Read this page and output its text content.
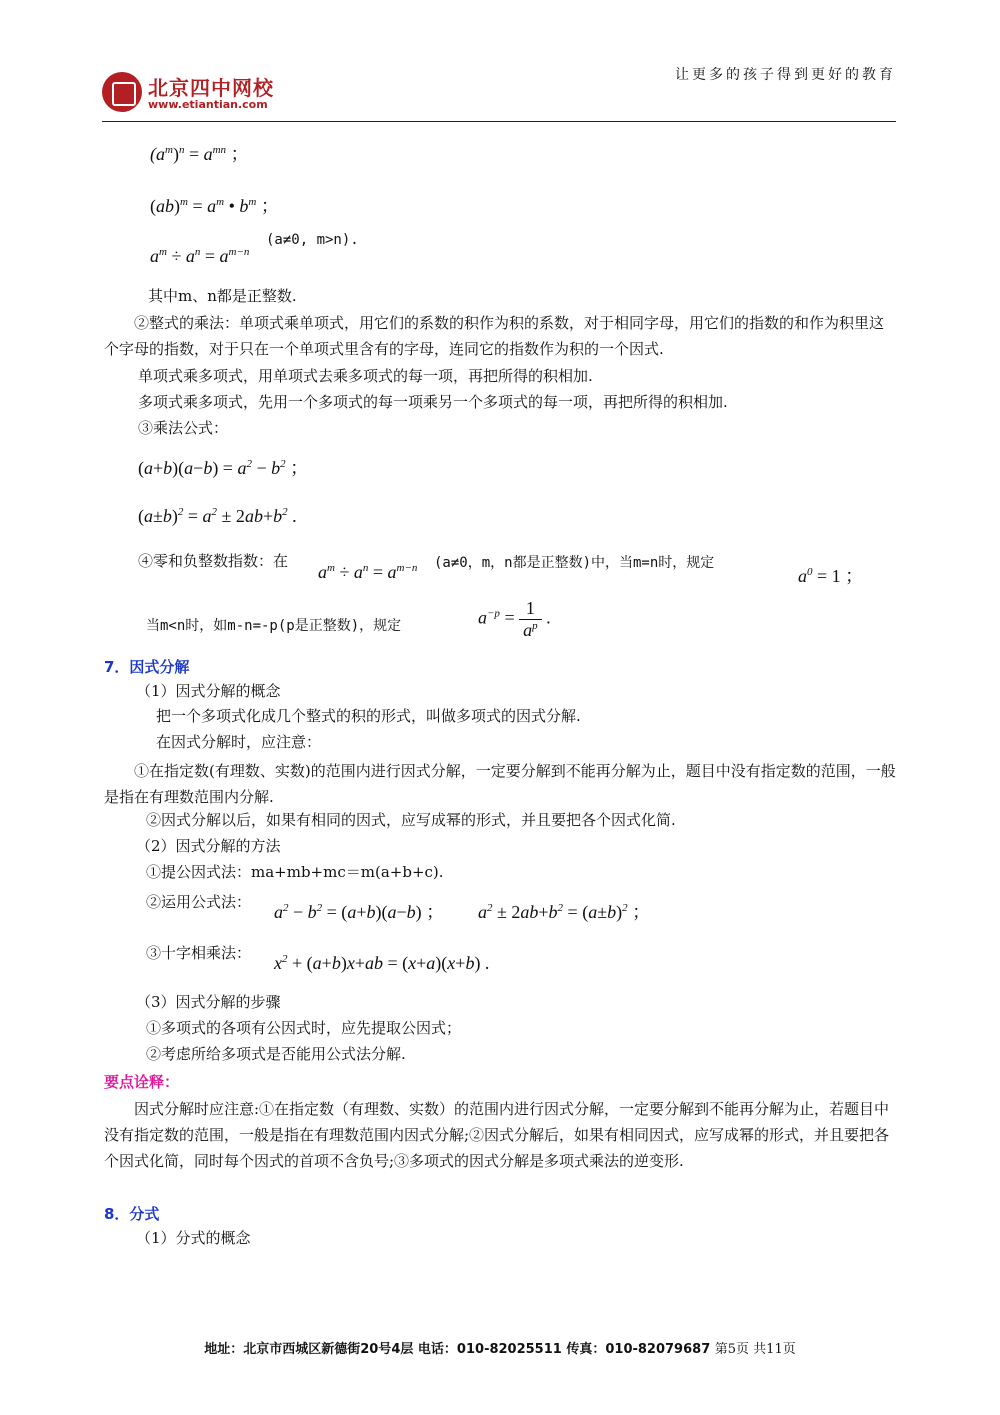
北京四中网校
www.etiantian.com
让更多的孩子得到更好的教育
$(a^m)^n = a^{mn}$ ；
$(ab)^m = a^m$ • $b^m$ ；
$a^m \div a^n = a^{m-n}$
(a≠0, m>n).
其中m、n都是正整数.
②整式的乘法：单项式乘单项式，用它们的系数的积作为积的系数，对于相同字母，用它们的指数的和作为积里这个字母的指数，对于只在一个单项式里含有的字母，连同它的指数作为积的一个因式.
单项式乘多项式，用单项式去乘多项式的每一项，再把所得的积相加.
多项式乘多项式，先用一个多项式的每一项乘另一个多项式的每一项，再把所得的积相加.
③乘法公式：
$(a+b)(a-b) = a^2 - b^2$ ；
$(a\pm b)^2 = a^2 \pm 2ab+b^2$ .
④零和负整数指数：在
$a^m \div a^n = a^{m-n}$ (a≠0，m，n都是正整数)中，当m=n时，规定
$a^0 = 1$ ；
当m<n时，如m-n=-p(p是正整数)，规定	$a^{-p} = \frac{1}{a^p}$ .
7．因式分解
（1）因式分解的概念
把一个多项式化成几个整式的积的形式，叫做多项式的因式分解.
在因式分解时，应注意：
①在指定数(有理数、实数)的范围内进行因式分解，一定要分解到不能再分解为止，题目中没有指定数的范围，一般是指在有理数范围内分解.
②因式分解以后，如果有相同的因式，应写成幂的形式，并且要把各个因式化简.
（2）因式分解的方法
①提公因式法：ma+mb+mc＝m(a+b+c).
②运用公式法： $a^2 - b^2 = (a+b)(a-b)$ ； $a^2 \pm 2ab+b^2 = (a\pm b)^2$ ；
③十字相乘法： $x^2 + (a+b)x+ab = (x+a)(x+b)$ .
（3）因式分解的步骤
①多项式的各项有公因式时，应先提取公因式；
②考虑所给多项式是否能用公式法分解.
要点诠释：
因式分解时应注意:①在指定数（有理数、实数）的范围内进行因式分解，一定要分解到不能再分解为止，若题目中没有指定数的范围，一般是指在有理数范围内因式分解;②因式分解后，如果有相同因式，应写成幂的形式，并且要把各个因式化简，同时每个因式的首项不含负号;③多项式的因式分解是多项式乘法的逆变形.
8．分式
（1）分式的概念
地址：北京市西城区新德街20号4层 电话：010-82025511 传真：010-82079687 第5页 共11页
